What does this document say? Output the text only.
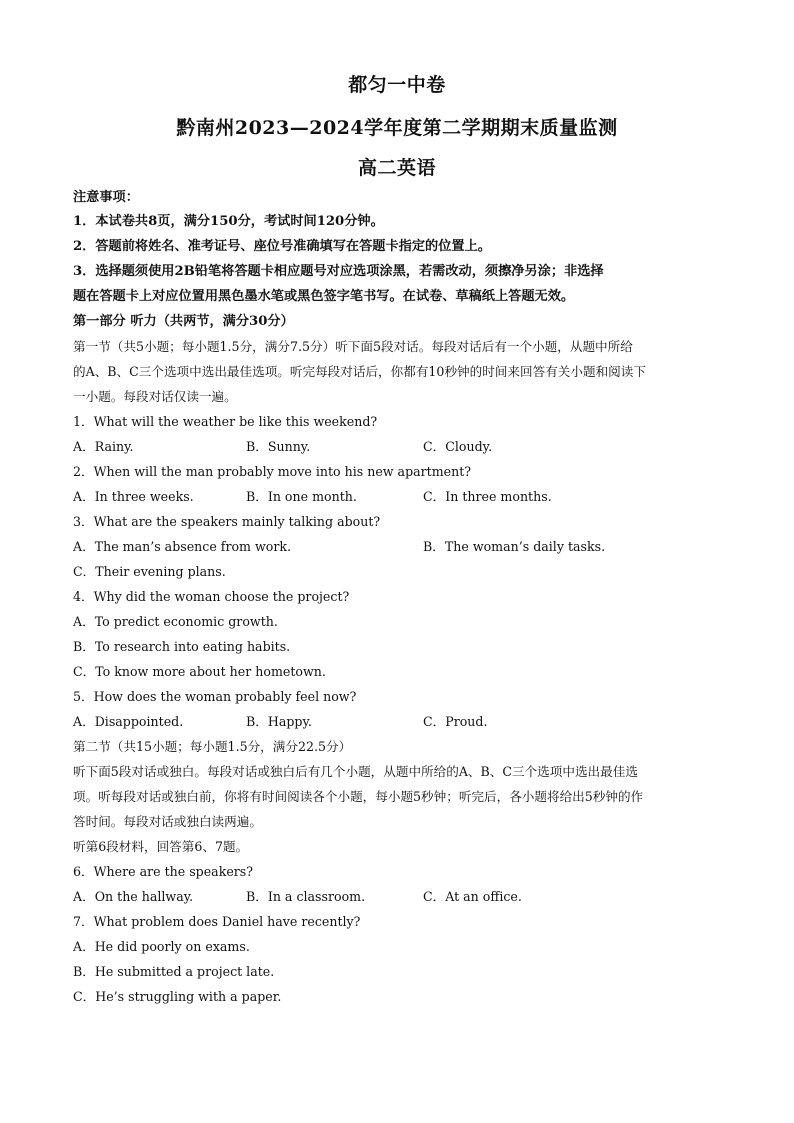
都匀一中卷
黔南州2023—2024学年度第二学期期末质量监测
高二英语
注意事项：
1．本试卷共8页，满分150分，考试时间120分钟。
2．答题前将姓名、准考证号、座位号准确填写在答题卡指定的位置上。
3．选择题须使用2B铅笔将答题卡相应题号对应选项涂黑，若需改动，须擦净另涂；非选择
题在答题卡上对应位置用黑色墨水笔或黑色签字笔书写。在试卷、草稿纸上答题无效。
第一部分 听力（共两节，满分30分）
第一节（共5小题；每小题1.5分，满分7.5分）听下面5段对话。每段对话后有一个小题，从题中所给
的A、B、C三个选项中选出最佳选项。听完每段对话后，你都有10秒钟的时间来回答有关小题和阅读下
一小题。每段对话仅读一遍。
1．What will the weather be like this weekend?
A．Rainy.	B．Sunny.	C．Cloudy.
2．When will the man probably move into his new apartment?
A．In three weeks.	B．In one month.	C．In three months.
3．What are the speakers mainly talking about?
A．The man’s absence from work.	B．The woman’s daily tasks.
C．Their evening plans.
4．Why did the woman choose the project?
A．To predict economic growth.
B．To research into eating habits.
C．To know more about her hometown.
5．How does the woman probably feel now?
A．Disappointed.	B．Happy.	C．Proud.
第二节（共15小题；每小题1.5分，满分22.5分）
听下面5段对话或独白。每段对话或独白后有几个小题，从题中所给的A、B、C三个选项中选出最佳选
项。听每段对话或独白前，你将有时间阅读各个小题，每小题5秒钟；听完后，各小题将给出5秒钟的作
答时间。每段对话或独白读两遍。
听第6段材料，回答第6、7题。
6．Where are the speakers?
A．On the hallway.	B．In a classroom.	C．At an office.
7．What problem does Daniel have recently?
A．He did poorly on exams.
B．He submitted a project late.
C．He’s struggling with a paper.
